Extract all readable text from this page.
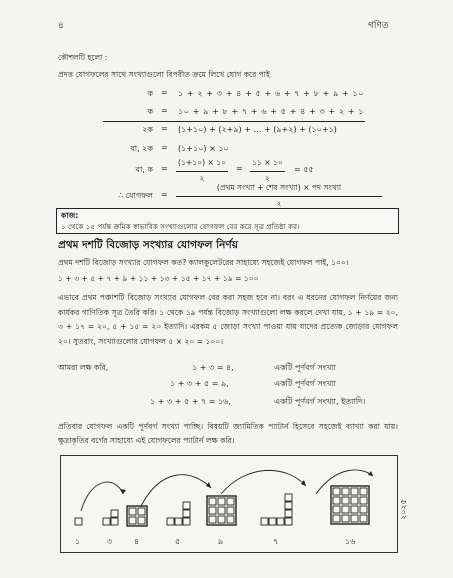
৪	গণিত
কৌশলটি হলো :
প্রদত্ত যোগফলের সাথে সংখ্যাগুলো বিপরীত ক্রমে লিখে যোগ করে পাই
ক = ১ + ২ + ৩ + ৪ + ৫ + ৬ + ৭ + ৮ + ৯ + ১০
ক = ১০ + ৯ + ৮ + ৭ + ৬ + ৫ + ৪ + ৩ + ২ + ১
২ক = (১+১০) + (২+৯) + … + (৯+২) + (১০+১)
বা, ২ক = (১+১০) × ১০
বা, ক =
(১+১০) × ১০
২
=
১১ × ১০
২
= ৫৫
∴ যোগফল =
(প্রথম সংখ্যা + শেষ সংখ্যা) × পদ সংখ্যা
২
কাজ:
১ থেকে ১৫ পর্যন্ত ক্রমিক স্বাভাবিক সংখ্যাগুলোর যোগফল বের করে সূত্র প্রতিষ্ঠা কর।
প্রথম দশটি বিজোড় সংখ্যার যোগফল নির্ণয়
প্রথম দশটি বিজোড় সংখ্যার যোগফল কত? ক্যালকুলেটরের সাহায্যে সহজেই যোগফল পাই, ১০০।
১ + ৩ + ৫ + ৭ + ৯ + ১১ + ১৩ + ১৫ + ১৭ + ১৯ = ১০০
এভাবে প্রথম পঞ্চাশটি বিজোড় সংখ্যার যোগফল বের করা সহজ হবে না। বরং এ ধরনের যোগফল নির্ণয়ের জন্য কার্যকর গাণিতিক সূত্র তৈরি করি। ১ থেকে ১৯ পর্যন্ত বিজোড় সংখ্যাগুলো লক্ষ করলে দেখা যায়, ১ + ১৯ = ২০, ৩ + ১৭ = ২০, ৫ + ১৫ = ২০ ইত্যাদি। এরকম ৫ জোড়া সংখ্যা পাওয়া যায় যাদের প্রত্যেক জোড়ার যোগফল ২০। সুতরাং, সংখ্যাগুলোর যোগফল ৫ × ২০ = ১০০।
আমরা লক্ষ করি,	১ + ৩ = ৪,	একটি পূর্ণবর্গ সংখ্যা
১ + ৩ + ৫ = ৯,	একটি পূর্ণবর্গ সংখ্যা
১ + ৩ + ৫ + ৭ = ১৬,	একটি পূর্ণবর্গ সংখ্যা, ইত্যাদি।
প্রতিবার যোগফল একটি পূর্ণবর্গ সংখ্যা পাচ্ছি। বিষয়টি জ্যামিতিক প্যাটার্ন হিসেবে সহজেই ব্যাখ্যা করা যায়। ক্ষুদ্রাকৃতির বর্গের সাহায্যে এই যোগফলের প্যাটার্ন লক্ষ করি।
১	৩	৪	৫	৯	৭	১৬
২০২৫
